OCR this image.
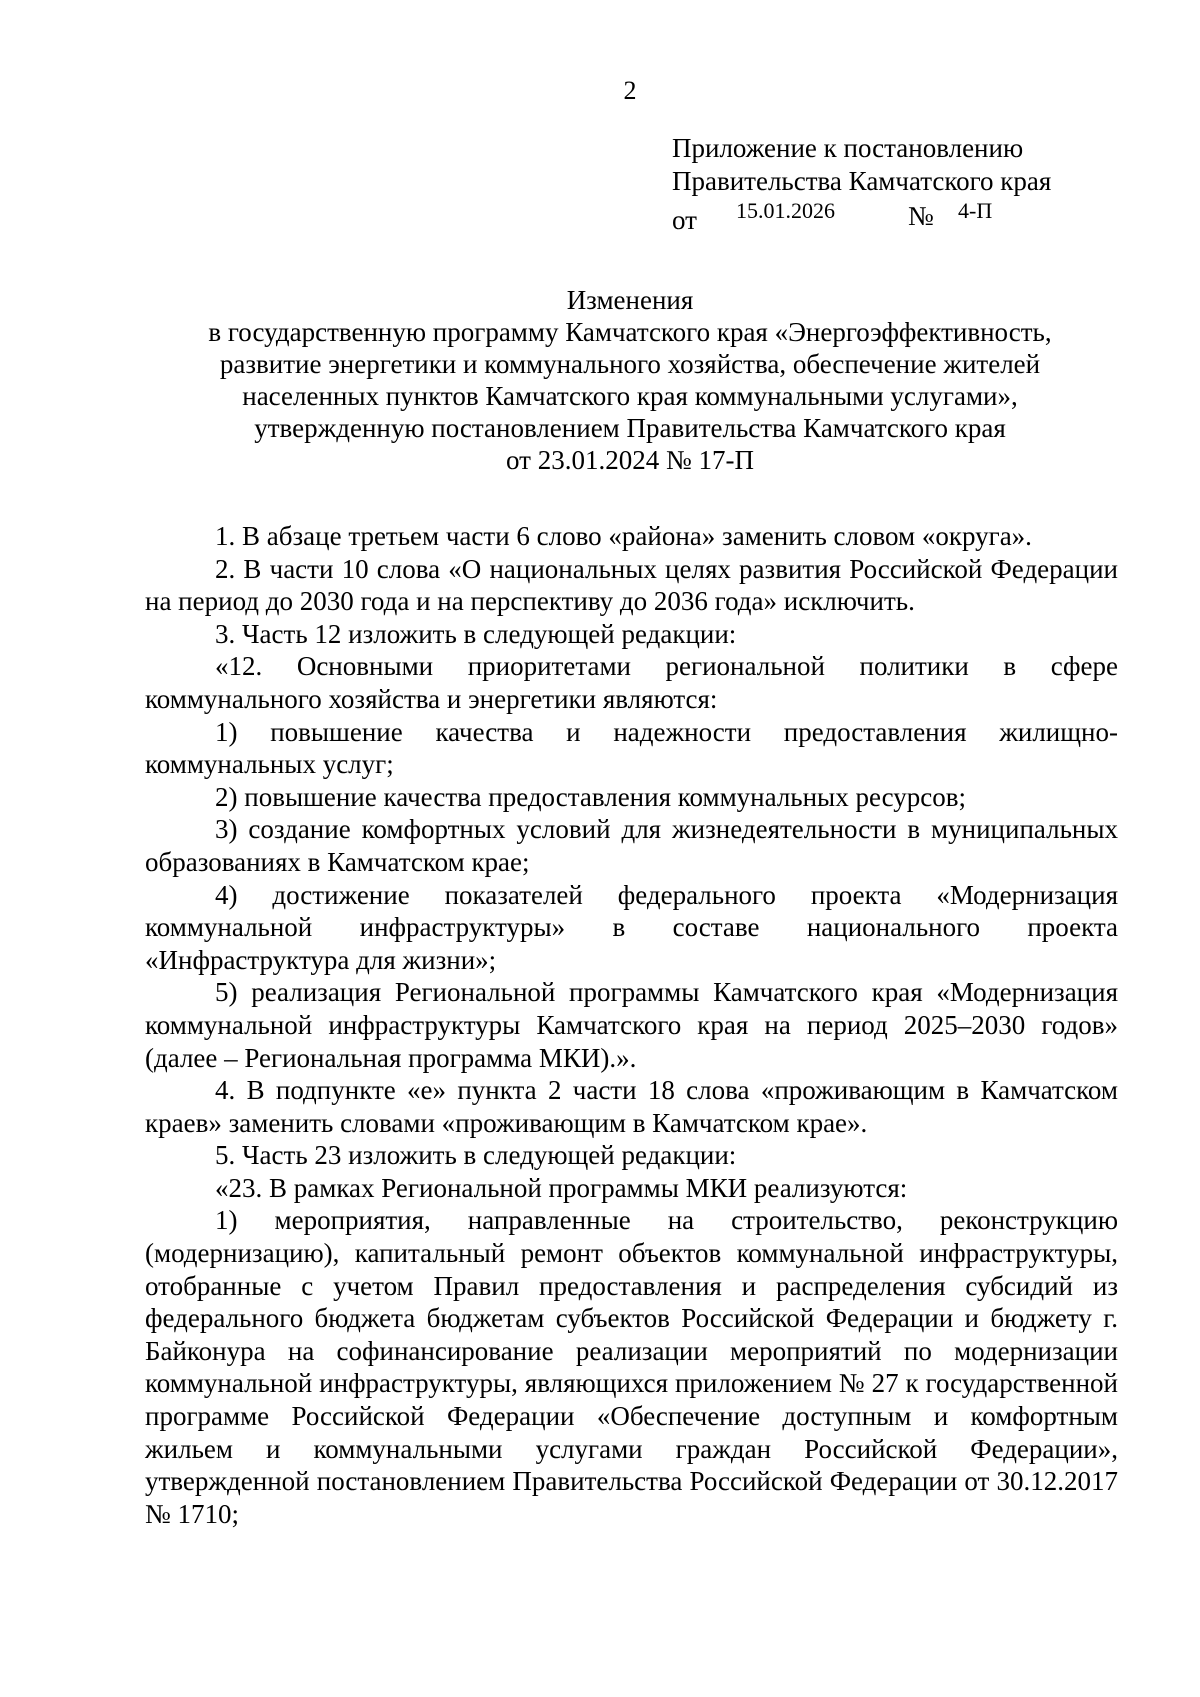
2
Приложение к постановлению
Правительства Камчатского края
от 15.01.2026	№ 4-П
Изменения
в государственную программу Камчатского края «Энергоэффективность,
развитие энергетики и коммунального хозяйства, обеспечение жителей
населенных пунктов Камчатского края коммунальными услугами»,
утвержденную постановлением Правительства Камчатского края
от 23.01.2024 № 17-П

1. В абзаце третьем части 6 слово «района» заменить словом «округа».

2. В части 10 слова «О национальных целях развития Российской Федерации на период до 2030 года и на перспективу до 2036 года» исключить.

3. Часть 12 изложить в следующей редакции:

«12. Основными приоритетами региональной политики в сфере коммунального хозяйства и энергетики являются:

1) повышение качества и надежности предоставления жилищно-коммунальных услуг;

2) повышение качества предоставления коммунальных ресурсов;

3) создание комфортных условий для жизнедеятельности в муниципальных образованиях в Камчатском крае;

4) достижение показателей федерального проекта «Модернизация коммунальной инфраструктуры» в составе национального проекта «Инфраструктура для жизни»;

5) реализация Региональной программы Камчатского края «Модернизация коммунальной инфраструктуры Камчатского края на период 2025–2030 годов» (далее – Региональная программа МКИ).».

4. В подпункте «е» пункта 2 части 18 слова «проживающим в Камчатском краев» заменить словами «проживающим в Камчатском крае».

5. Часть 23 изложить в следующей редакции:

«23. В рамках Региональной программы МКИ реализуются:

1) мероприятия, направленные на строительство, реконструкцию (модернизацию), капитальный ремонт объектов коммунальной инфраструктуры, отобранные с учетом Правил предоставления и распределения субсидий из федерального бюджета бюджетам субъектов Российской Федерации и бюджету г. Байконура на софинансирование реализации мероприятий по модернизации коммунальной инфраструктуры, являющихся приложением № 27 к государственной программе Российской Федерации «Обеспечение доступным и комфортным жильем и коммунальными услугами граждан Российской Федерации», утвержденной постановлением Правительства Российской Федерации от 30.12.2017 № 1710;
